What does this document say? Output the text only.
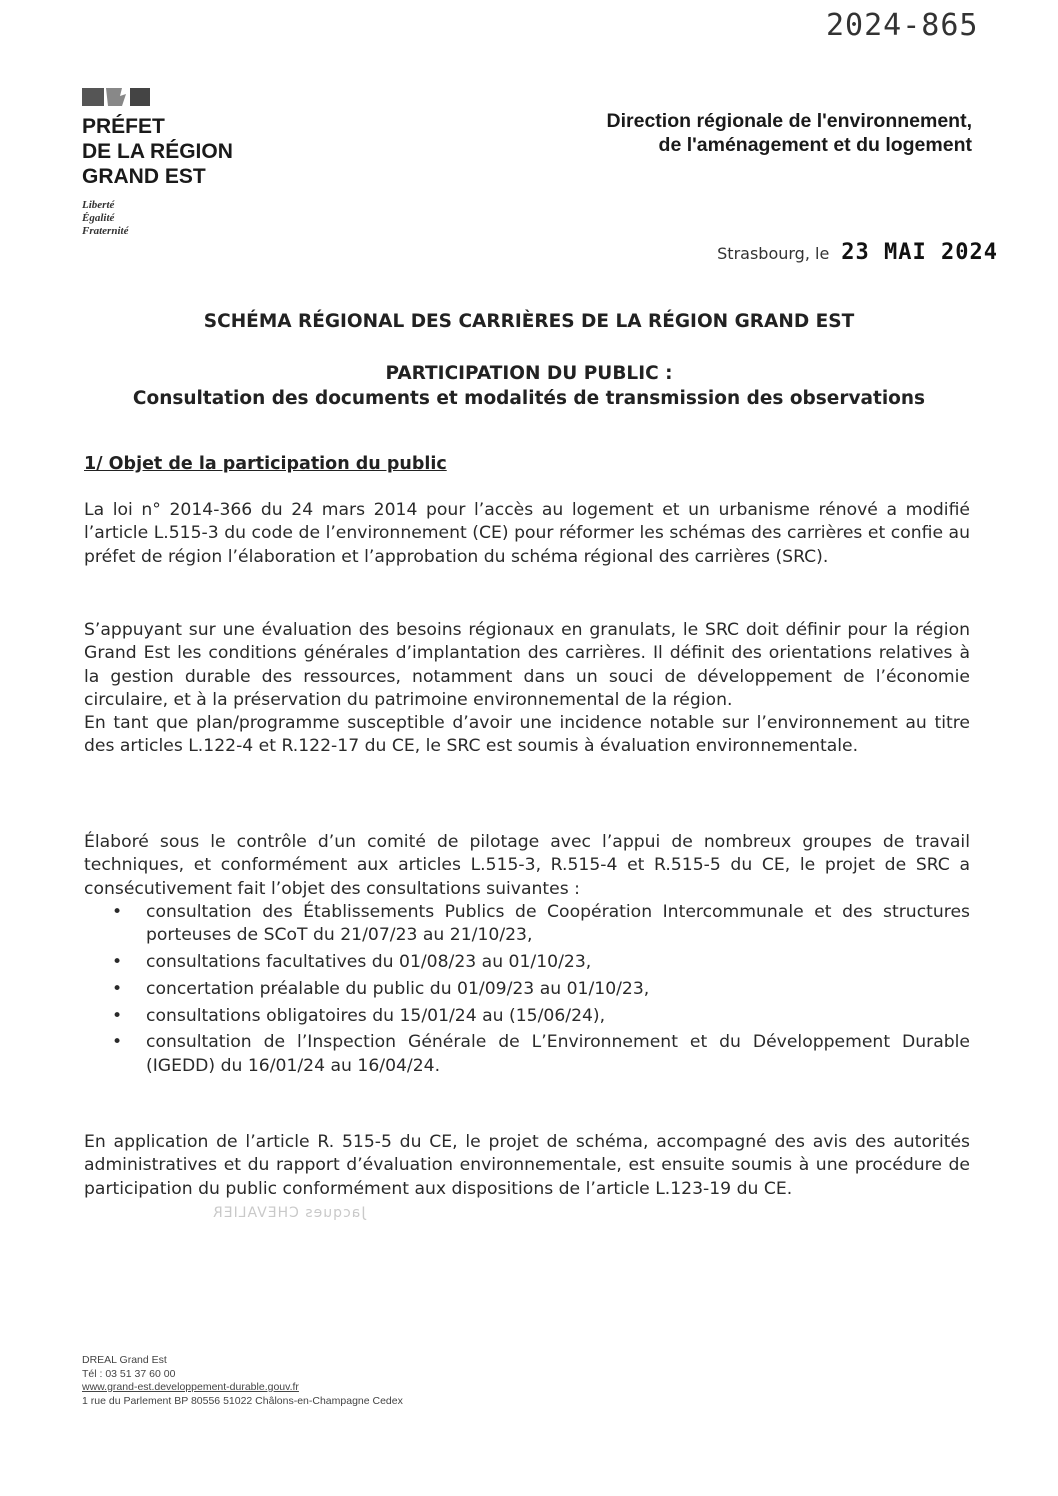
2024-865
PRÉFET
DE LA RÉGION
GRAND EST
Liberté
Égalité
Fraternité
Direction régionale de l'environnement,
de l'aménagement et du logement
Strasbourg, le 23 MAI 2024
SCHÉMA RÉGIONAL DES CARRIÈRES DE LA RÉGION GRAND EST
PARTICIPATION DU PUBLIC :
Consultation des documents et modalités de transmission des observations
1/ Objet de la participation du public

La loi n° 2014-366 du 24 mars 2014 pour l’accès au logement et un urbanisme rénové a modifié l’article L.515-3 du code de l’environnement (CE) pour réformer les schémas des carrières et confie au préfet de région l’élaboration et l’approbation du schéma régional des carrières (SRC).

S’appuyant sur une évaluation des besoins régionaux en granulats, le SRC doit définir pour la région Grand Est les conditions générales d’implantation des carrières. Il définit des orientations relatives à la gestion durable des ressources, notamment dans un souci de développement de l’économie circulaire, et à la préservation du patrimoine environnemental de la région.

En tant que plan/programme susceptible d’avoir une incidence notable sur l’environnement au titre des articles L.122-4 et R.122-17 du CE, le SRC est soumis à évaluation environnementale.

Élaboré sous le contrôle d’un comité de pilotage avec l’appui de nombreux groupes de travail techniques, et conformément aux articles L.515-3, R.515-4 et R.515-5 du CE, le projet de SRC a consécutivement fait l’objet des consultations suivantes :

• consultation des Établissements Publics de Coopération Intercommunale et des structures porteuses de SCoT du 21/07/23 au 21/10/23,
• consultations facultatives du 01/08/23 au 01/10/23,
• concertation préalable du public du 01/09/23 au 01/10/23,
• consultations obligatoires du 15/01/24 au (15/06/24),
• consultation de l’Inspection Générale de L’Environnement et du Développement Durable (IGEDD) du 16/01/24 au 16/04/24.

En application de l’article R. 515-5 du CE, le projet de schéma, accompagné des avis des autorités administratives et du rapport d’évaluation environnementale, est ensuite soumis à une procédure de participation du public conformément aux dispositions de l’article L.123-19 du CE.

Jacques CHEVALIER
DREAL Grand Est
Tél : 03 51 37 60 00
www.grand-est.developpement-durable.gouv.fr
1 rue du Parlement BP 80556 51022 Châlons-en-Champagne Cedex
